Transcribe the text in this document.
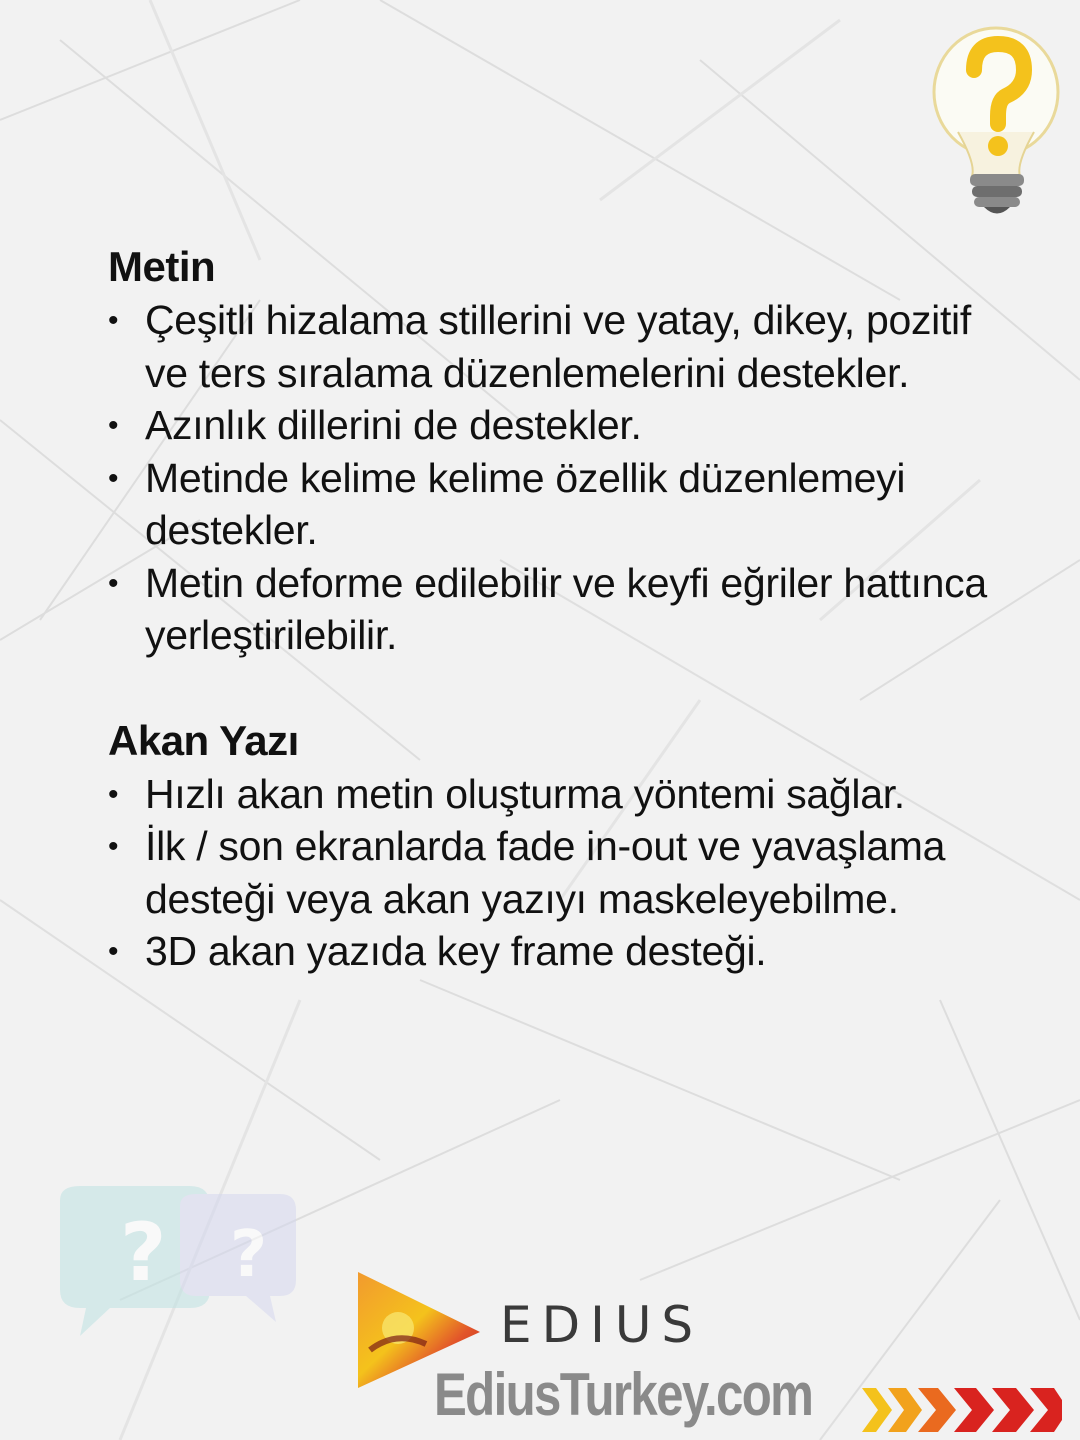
Metin
• Çeşitli hizalama stillerini ve yatay, dikey, pozitif ve ters sıralama düzenlemelerini destekler.
• Azınlık dillerini de destekler.
• Metinde kelime kelime özellik düzenlemeyi destekler.
• Metin deforme edilebilir ve keyfi eğriler hattınca yerleştirilebilir.
Akan Yazı
• Hızlı akan metin oluşturma yöntemi sağlar.
• İlk / son ekranlarda fade in-out ve yavaşlama desteği veya akan yazıyı maskeleyebilme.
• 3D akan yazıda key frame desteği.
? ?
EDIUS
EdiusTurkey.com
